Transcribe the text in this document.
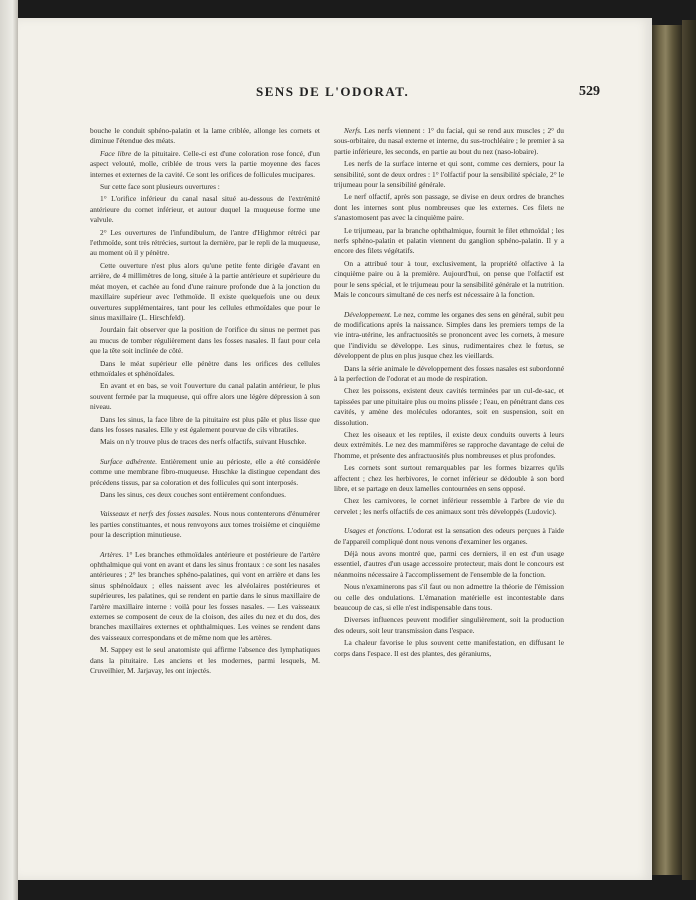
SENS DE L'ODORAT.	529

bouche le conduit sphéno-palatin et la lame criblée, allonge les cornets et diminue l'étendue des méats.

Face libre de la pituitaire. Celle-ci est d'une coloration rose foncé, d'un aspect velouté, molle, criblée de trous vers la partie moyenne des faces internes et externes de la cavité. Ce sont les orifices de follicules mucipares.

Sur cette face sont plusieurs ouvertures :

1° L'orifice inférieur du canal nasal situé au-dessous de l'extrémité antérieure du cornet inférieur, et autour duquel la muqueuse forme une valvule.

2° Les ouvertures de l'infundibulum, de l'antre d'Highmor rétréci par l'ethmoïde, sont très rétrécies, surtout la dernière, par le repli de la muqueuse, au moment où il y pénètre.

Cette ouverture n'est plus alors qu'une petite fente dirigée d'avant en arrière, de 4 millimètres de long, située à la partie antérieure et supérieure du méat moyen, et cachée au fond d'une rainure profonde due à la jonction du maxillaire supérieur avec l'ethmoïde. Il existe quelquefois une ou deux ouvertures supplémentaires, tant pour les cellules ethmoïdales que pour le sinus maxillaire (L. Hirschfeld).

Jourdain fait observer que la position de l'orifice du sinus ne permet pas au mucus de tomber régulièrement dans les fosses nasales. Il faut pour cela que la tête soit inclinée de côté.

Dans le méat supérieur elle pénètre dans les orifices des cellules ethmoïdales et sphénoïdales.

En avant et en bas, se voit l'ouverture du canal palatin antérieur, le plus souvent fermée par la muqueuse, qui offre alors une légère dépression à son niveau.

Dans les sinus, la face libre de la pituitaire est plus pâle et plus lisse que dans les fosses nasales. Elle y est également pourvue de cils vibratiles.

Mais on n'y trouve plus de traces des nerfs olfactifs, suivant Huschke.

Surface adhérente. Entièrement unie au périoste, elle a été considérée comme une membrane fibro-muqueuse. Huschke la distingue cependant des précédens tissus, par sa coloration et des follicules qui sont interposés.

Dans les sinus, ces deux couches sont entièrement confondues.

Vaisseaux et nerfs des fosses nasales. Nous nous contenterons d'énumérer les parties constituantes, et nous renvoyons aux tomes troisième et cinquième pour la description minutieuse.

Artères. 1° Les branches ethmoïdales antérieure et postérieure de l'artère ophthalmique qui vont en avant et dans les sinus frontaux : ce sont les nasales antérieures ; 2° les branches sphéno-palatines, qui vont en arrière et dans les sinus sphénoïdaux ; elles naissent avec les alvéolaires postérieures et supérieures, les palatines, qui se rendent en partie dans le sinus maxillaire de l'artère maxillaire interne : voilà pour les fosses nasales. — Les vaisseaux externes se composent de ceux de la cloison, des ailes du nez et du dos, des branches maxillaires externes et ophthalmiques. Les veines se rendent dans des vaisseaux correspondans et de même nom que les artères.

M. Sappey est le seul anatomiste qui affirme l'absence des lymphatiques dans la pituitaire. Les anciens et les modernes, parmi lesquels, M. Cruveilhier, M. Jarjavay, les ont injectés.

Nerfs. Les nerfs viennent : 1° du facial, qui se rend aux muscles ; 2° du sous-orbitaire, du nasal externe et interne, du sus-trochléaire ; le premier à sa partie inférieure, les seconds, en partie au bout du nez (naso-lobaire).

Les nerfs de la surface interne et qui sont, comme ces derniers, pour la sensibilité, sont de deux ordres : 1° l'olfactif pour la sensibilité spéciale, 2° le trijumeau pour la sensibilité générale.

Le nerf olfactif, après son passage, se divise en deux ordres de branches dont les internes sont plus nombreuses que les externes. Ces filets ne s'anastomosent pas avec la cinquième paire.

Le trijumeau, par la branche ophthalmique, fournit le filet ethmoïdal ; les nerfs sphéno-palatin et palatin viennent du ganglion sphéno-palatin. Il y a encore des filets végétatifs.

On a attribué tour à tour, exclusivement, la propriété olfactive à la cinquième paire ou à la première. Aujourd'hui, on pense que l'olfactif est pour le sens spécial, et le trijumeau pour la sensibilité générale et la nutrition. Mais le concours simultané de ces nerfs est nécessaire à la fonction.

Développement. Le nez, comme les organes des sens en général, subit peu de modifications après la naissance. Simples dans les premiers temps de la vie intra-utérine, les anfractuosités se prononcent avec les cornets, à mesure que l'individu se développe. Les sinus, rudimentaires chez le fœtus, se développent de plus en plus jusque chez les vieillards.

Dans la série animale le développement des fosses nasales est subordonné à la perfection de l'odorat et au mode de respiration.

Chez les poissons, existent deux cavités terminées par un cul-de-sac, et tapissées par une pituitaire plus ou moins plissée ; l'eau, en pénétrant dans ces cavités, y amène des molécules odorantes, soit en suspension, soit en dissolution.

Chez les oiseaux et les reptiles, il existe deux conduits ouverts à leurs deux extrémités. Le nez des mammifères se rapproche davantage de celui de l'homme, et présente des anfractuosités plus nombreuses et plus profondes.

Les cornets sont surtout remarquables par les formes bizarres qu'ils affectent ; chez les herbivores, le cornet inférieur se dédouble à son bord libre, et se partage en deux lamelles contournées en sens opposé.

Chez les carnivores, le cornet inférieur ressemble à l'arbre de vie du cervelet ; les nerfs olfactifs de ces animaux sont très développés (Ludovic).

Usages et fonctions. L'odorat est la sensation des odeurs perçues à l'aide de l'appareil compliqué dont nous venons d'examiner les organes.

Déjà nous avons montré que, parmi ces derniers, il en est d'un usage essentiel, d'autres d'un usage accessoire protecteur, mais dont le concours est néanmoins nécessaire à l'accomplissement de l'ensemble de la fonction.

Nous n'examinerons pas s'il faut ou non admettre la théorie de l'émission ou celle des ondulations. L'émanation matérielle est incontestable dans beaucoup de cas, si elle n'est indispensable dans tous.

Diverses influences peuvent modifier singulièrement, soit la production des odeurs, soit leur transmission dans l'espace.

La chaleur favorise le plus souvent cette manifestation, en diffusant le corps dans l'espace. Il est des plantes, des géraniums,
